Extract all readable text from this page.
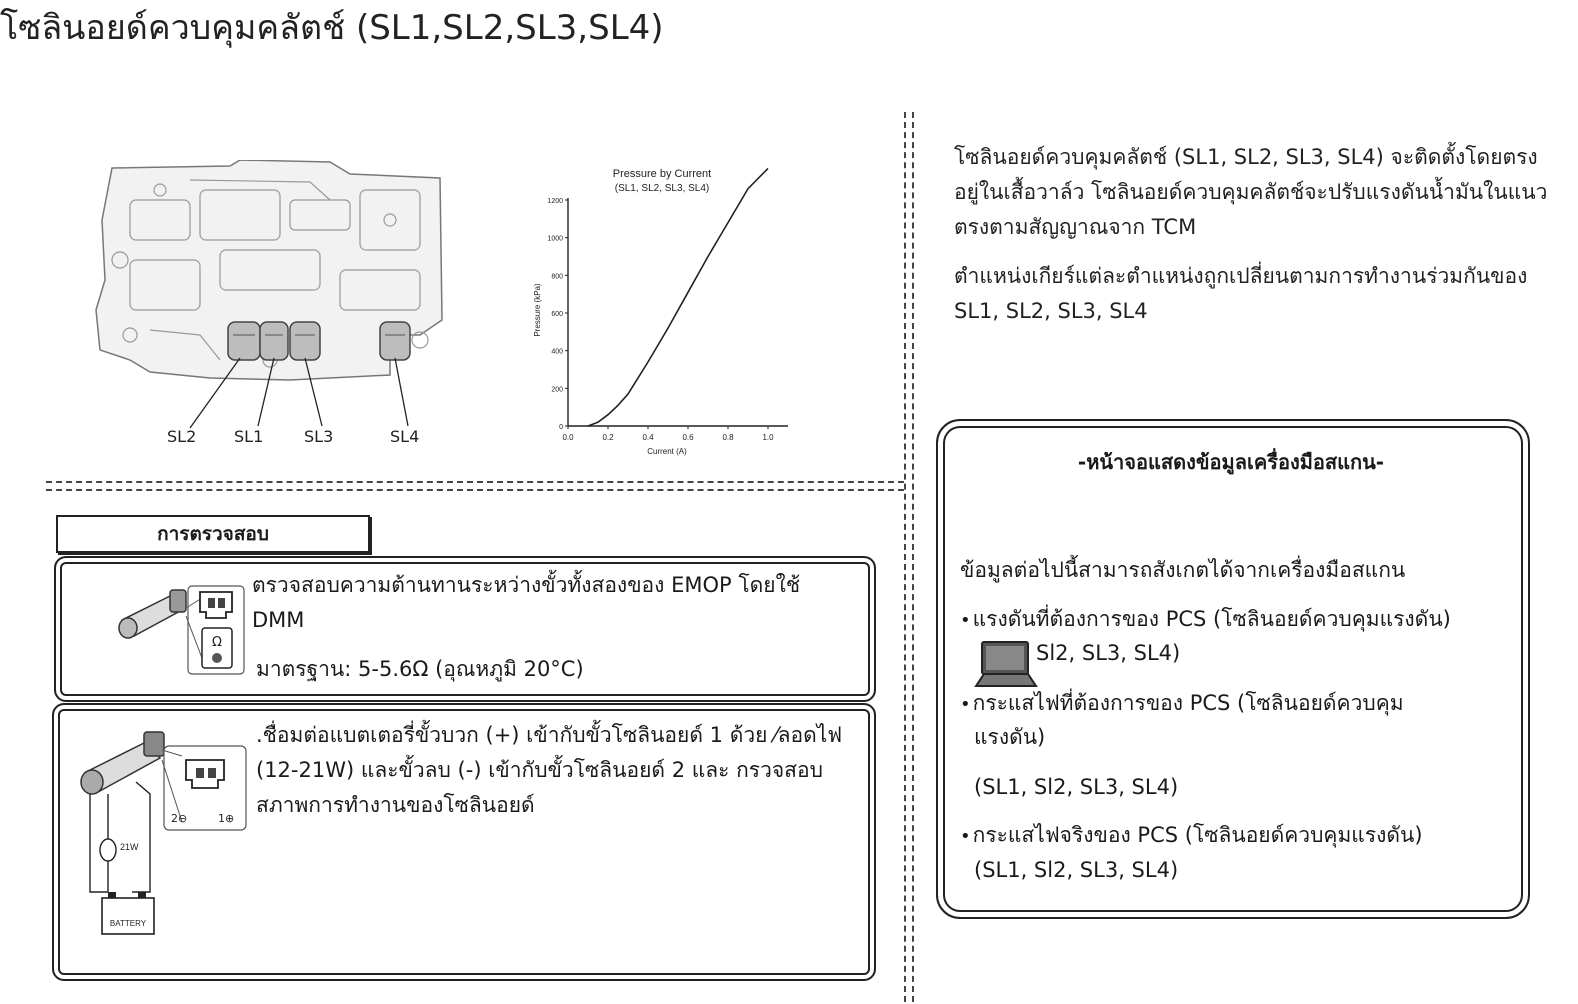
โซลินอยด์ควบคุมคลัตช์ (SL1,SL2,SL3,SL4)
SL2 SL1	SL3	SL4
Pressure by Current
(SL1, SL2, SL3, SL4)
Pressure (kPa)
Current (A)
0.0	0.2	0.4	0.6	0.8	1.0
0
200
400
600
800
1000
1200
การตรวจสอบ
Ω
ตรวจสอบความต้านทานระหว่างขั้วทั้งสองของ EMOP โดยใช้ DMM
มาตรฐาน: 5-5.6Ω (อุณหภูมิ 20°C)
2⊖	1⊕
21W
BATTERY
.ชื่อมต่อแบตเตอรี่ขั้วบวก (+) เข้ากับขั้วโซลินอยด์ 1 ด้วย ⁄ลอดไฟ (12-21W) และขั้วลบ (-) เข้ากับขั้วโซลินอยด์ 2 และ กรวจสอบสภาพการทำงานของโซลินอยด์
โซลินอยด์ควบคุมคลัตช์ (SL1, SL2, SL3, SL4) จะติดตั้งโดยตรงอยู่ในเสื้อวาล์ว โซลินอยด์ควบคุมคลัตช์จะปรับแรงดันน้ำมันในแนวตรงตามสัญญาณจาก TCM
ตำแหน่งเกียร์แต่ละตำแหน่งถูกเปลี่ยนตามการทำงานร่วมกันของ SL1, SL2, SL3, SL4
-หน้าจอแสดงข้อมูลเครื่องมือสแกน-
ข้อมูลต่อไปนี้สามารถสังเกตได้จากเครื่องมือสแกน
•แรงดันที่ต้องการของ PCS (โซลินอยด์ควบคุมแรงดัน)
Sl2, SL3, SL4)
•กระแสไฟที่ต้องการของ PCS (โซลินอยด์ควบคุม
แรงดัน)
(SL1, Sl2, SL3, SL4)
•กระแสไฟจริงของ PCS (โซลินอยด์ควบคุมแรงดัน)
(SL1, Sl2, SL3, SL4)
